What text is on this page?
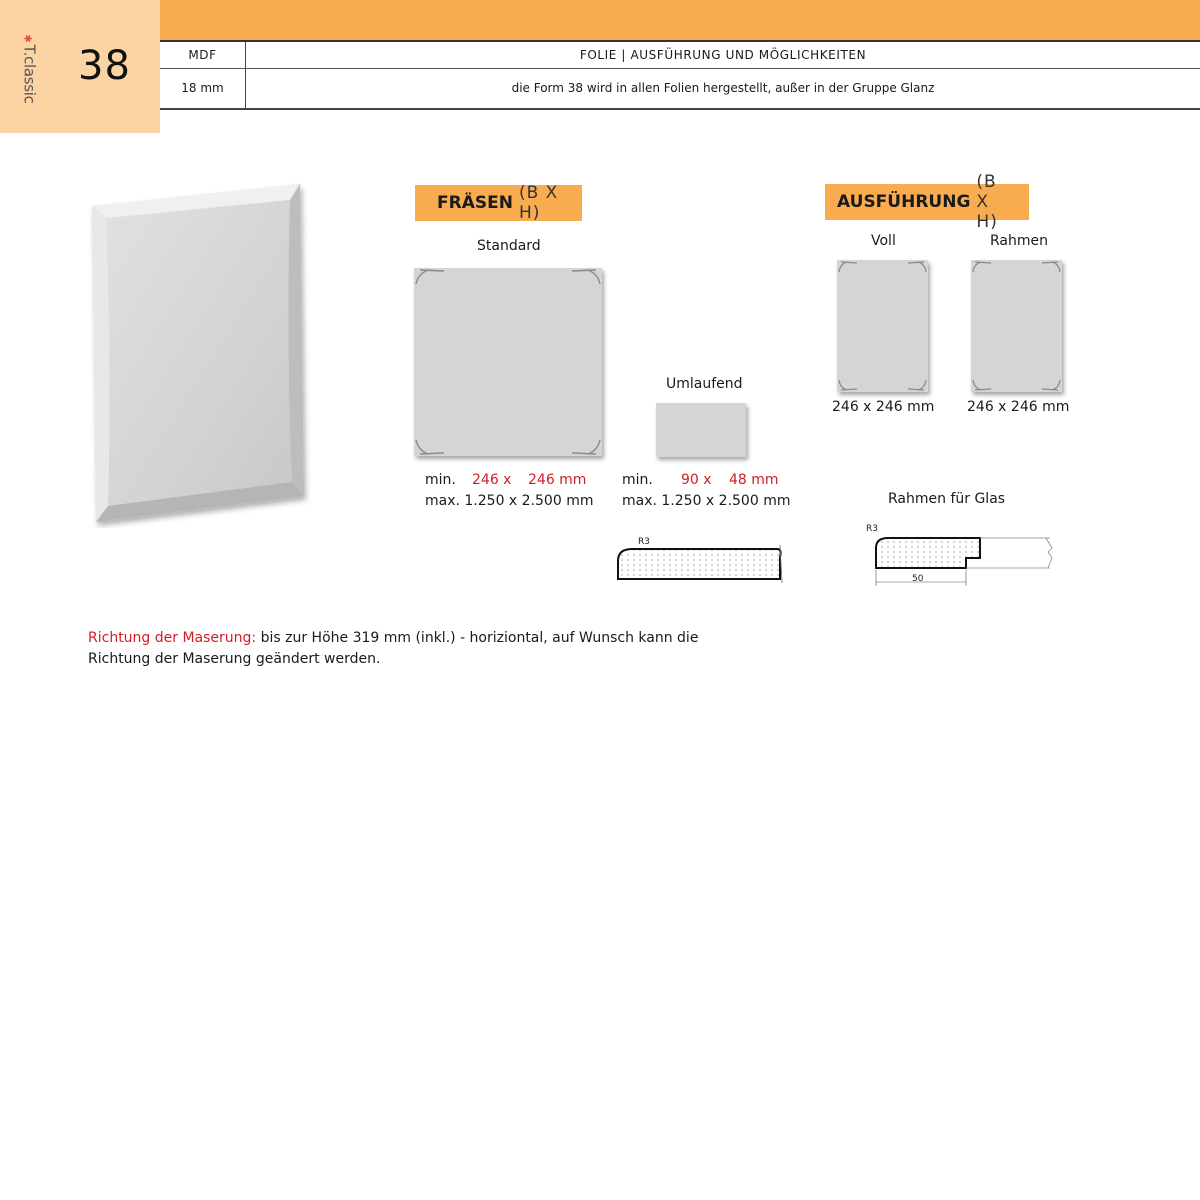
✱T.classic 38	MDF	FOLIE | AUSFÜHRUNG UND MÖGLICHKEITEN
18 mm	die Form 38 wird in allen Folien hergestellt, außer in der Gruppe Glanz
FRÄSEN (B X H)
AUSFÜHRUNG
(B X H)
Standard
Umlaufend
Voll	Rahmen
Rahmen für Glas
min.	246 x	246 mm
max. 1.250 x 2.500 mm
min.	90 x	48 mm
max. 1.250 x 2.500 mm
246 x 246 mm 246 x 246 mm
R3
R3
50
Richtung der Maserung: bis zur Höhe 319 mm (inkl.) - horiziontal, auf Wunsch kann die Richtung der Maserung geändert werden.
